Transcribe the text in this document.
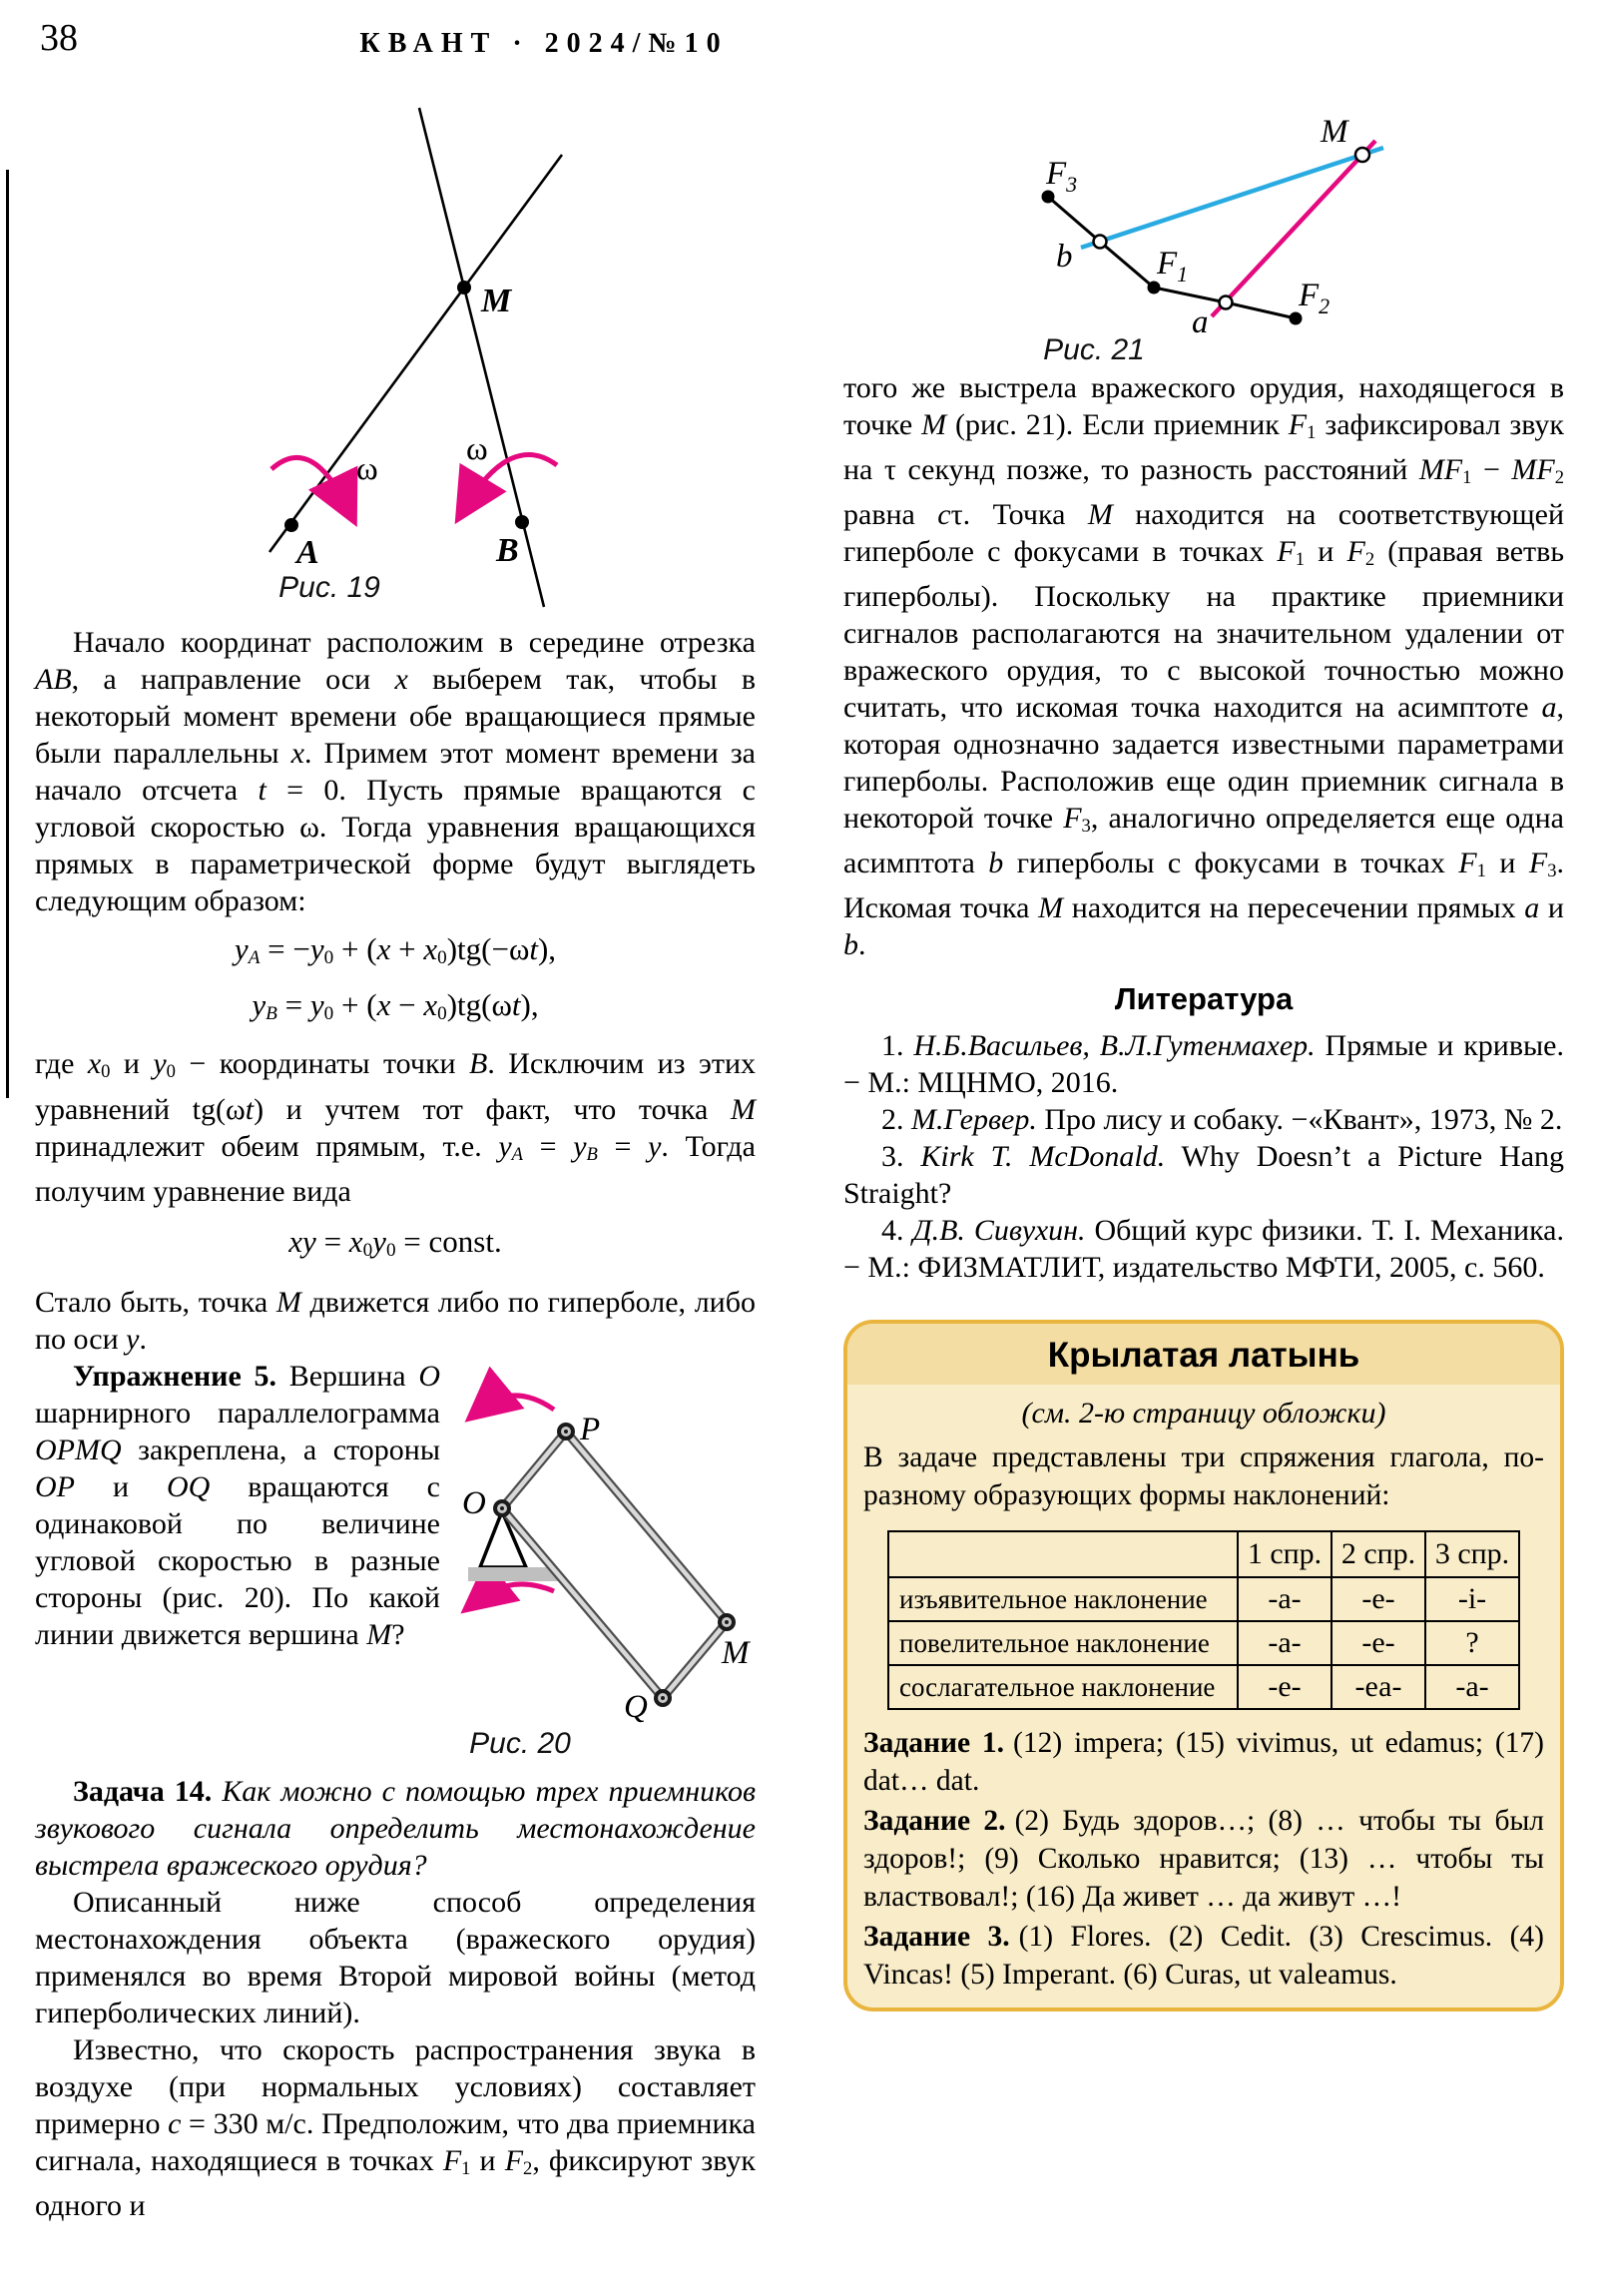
38	КВАНТ · 2024/№10
M
A	B
ω
ω
Рис. 19

Начало координат расположим в середине отрезка AB, а направление оси x выберем так, чтобы в некоторый момент времени обе вращающиеся прямые были параллельны x. Примем этот момент времени за начало отсчета t = 0. Пусть прямые вращаются с угловой скоростью ω. Тогда уравнения вращающихся прямых в параметрической форме будут выглядеть следующим образом:

yA = −y0 + (x + x0)tg(−ωt),
yB = y0 + (x − x0)tg(ωt),

где x0 и y0 − координаты точки B. Исключим из этих уравнений tg(ωt) и учтем тот факт, что точка M принадлежит обеим прямым, т.е. yA = yB = y. Тогда получим уравнение вида

xy = x0y0 = const.

Стало быть, точка M движется либо по гиперболе, либо по оси y.

O
P
M
Q
Рис. 20
Упражнение 5. Вершина O шарнирного параллелограмма OPMQ закреплена, а стороны OP и OQ вращаются с одинаковой по величине угловой скоростью в разные стороны (рис. 20). По какой линии движется вершина M?

Задача 14. Как можно с помощью трех приемников звукового сигнала определить местонахождение выстрела вражеского орудия?

Описанный ниже способ определения местонахождения объекта (вражеского орудия) применялся во время Второй мировой войны (метод гиперболических линий).

Известно, что скорость распространения звука в воздухе (при нормальных условиях) составляет примерно c = 330 м/с. Предположим, что два приемника сигнала, находящиеся в точках F1 и F2, фиксируют звук одного и

$F_3$
$F_1$
$F_2$
M
a
b
Рис. 21

того же выстрела вражеского орудия, находящегося в точке M (рис. 21). Если приемник F1 зафиксировал звук на τ секунд позже, то разность расстояний MF1 − MF2 равна cτ. Точка M находится на соответствующей гиперболе с фокусами в точках F1 и F2 (правая ветвь гиперболы). Поскольку на практике приемники сигналов располагаются на значительном удалении от вражеского орудия, то с высокой точностью можно считать, что искомая точка находится на асимптоте a, которая однозначно задается известными параметрами гиперболы. Расположив еще один приемник сигнала в некоторой точке F3, аналогично определяется еще одна асимптота b гиперболы с фокусами в точках F1 и F3. Искомая точка M находится на пересечении прямых a и b.

Литература

1. Н.Б.Васильев, В.Л.Гутенмахер. Прямые и кривые. − М.: МЦНМО, 2016.

2. М.Гервер. Про лису и собаку. −«Квант», 1973, № 2.

3. Kirk T. McDonald. Why Doesn’t a Picture Hang Straight?

4. Д.В. Сивухин. Общий курс физики. Т. I. Механика. − М.: ФИЗМАТЛИТ, издательство МФТИ, 2005, с. 560.

Крылатая латынь
(см. 2-ю страницу обложки)

В задаче представлены три спряжения глагола, по-разному образующих формы наклонений:

	1 спр.	2 спр.	3 спр.
изъявительное наклонение	-а-	-е-	-i-
повелительное наклонение	-а-	-е-	?
сослагательное наклонение	-е-	-еа-	-а-

Задание 1. (12) impera; (15) vivimus, ut edamus; (17) dat… dat.

Задание 2. (2) Будь здоров…; (8) … чтобы ты был здоров!; (9) Сколько нравится; (13) … чтобы ты властвовал!; (16) Да живет … да живут …!

Задание 3. (1) Flores. (2) Cedit. (3) Crescimus. (4) Vincas! (5) Imperant. (6) Curas, ut valeamus.
